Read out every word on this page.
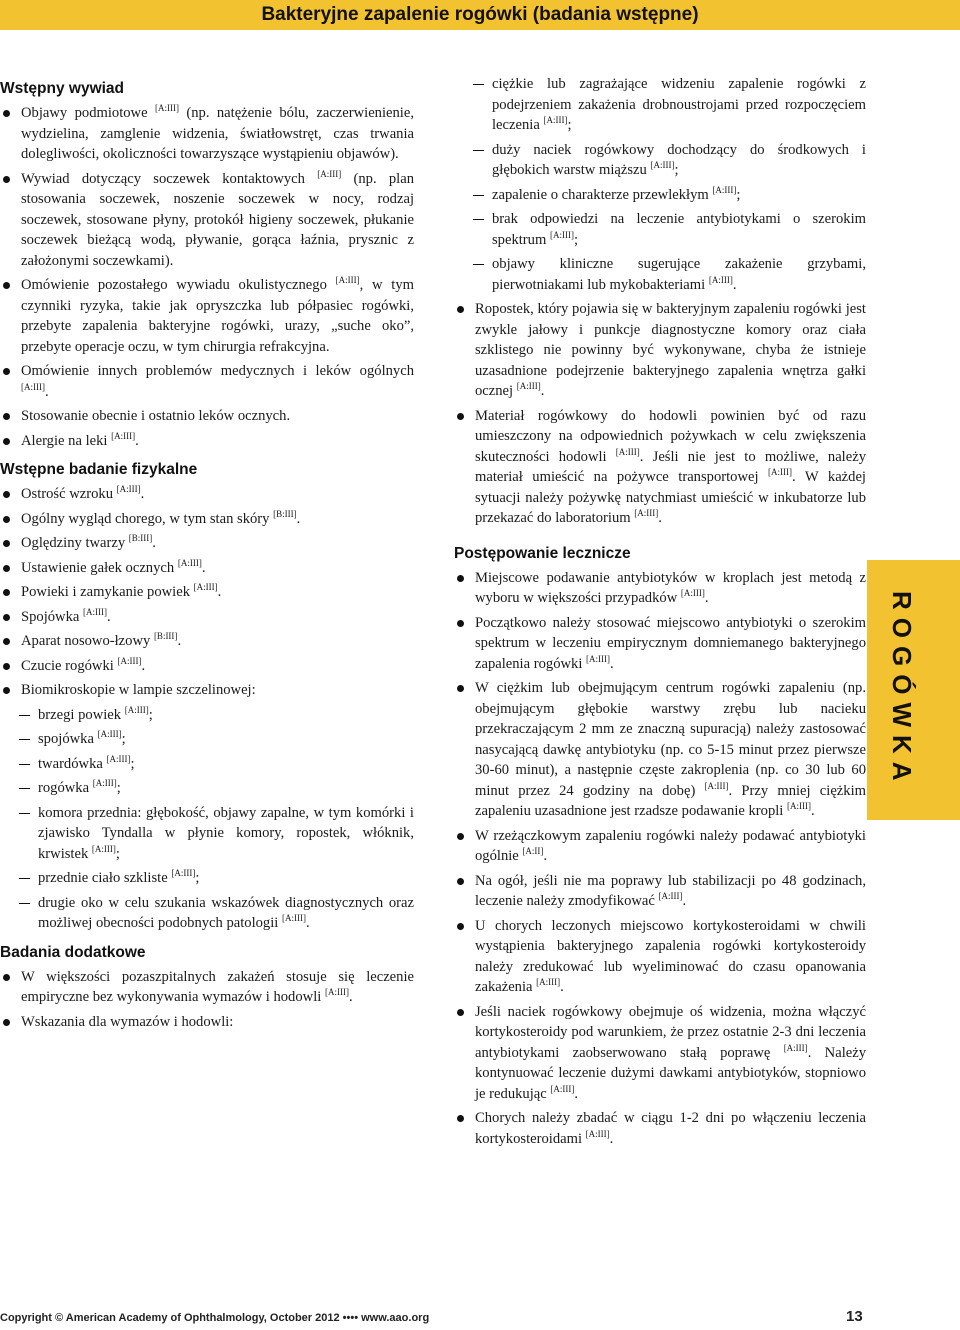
Bakteryjne zapalenie rogówki (badania wstępne)
Wstępny wywiad
Objawy podmiotowe [A:III] (np. natężenie bólu, zaczerwienienie, wydzielina, zamglenie widzenia, światłowstręt, czas trwania dolegliwości, okoliczności towarzyszące wystąpieniu objawów).
Wywiad dotyczący soczewek kontaktowych [A:III] (np. plan stosowania soczewek, noszenie soczewek w nocy, rodzaj soczewek, stosowane płyny, protokół higieny soczewek, płukanie soczewek bieżącą wodą, pływanie, gorąca łaźnia, prysznic z założonymi soczewkami).
Omówienie pozostałego wywiadu okulistycznego [A:III], w tym czynniki ryzyka, takie jak opryszczka lub półpasiec rogówki, przebyte zapalenia bakteryjne rogówki, urazy, „suche oko”, przebyte operacje oczu, w tym chirurgia refrakcyjna.
Omówienie innych problemów medycznych i leków ogólnych [A:III].
Stosowanie obecnie i ostatnio leków ocznych.
Alergie na leki [A:III].
Wstępne badanie fizykalne
Ostrość wzroku [A:III].
Ogólny wygląd chorego, w tym stan skóry [B:III].
Oględziny twarzy [B:III].
Ustawienie gałek ocznych [A:III].
Powieki i zamykanie powiek [A:III].
Spojówka [A:III].
Aparat nosowo-łzowy [B:III].
Czucie rogówki [A:III].
Biomikroskopie w lampie szczelinowej:
brzegi powiek [A:III];
spojówka [A:III];
twardówka [A:III];
rogówka [A:III];
komora przednia: głębokość, objawy zapalne, w tym komórki i zjawisko Tyndalla w płynie komory, ropostek, włóknik, krwistek [A:III];
przednie ciało szkliste [A:III];
drugie oko w celu szukania wskazówek diagnostycznych oraz możliwej obecności podobnych patologii [A:III].
Badania dodatkowe
W większości pozaszpitalnych zakażeń stosuje się leczenie empiryczne bez wykonywania wymazów i hodowli [A:III].
Wskazania dla wymazów i hodowli:
ciężkie lub zagrażające widzeniu zapalenie rogówki z podejrzeniem zakażenia drobnoustrojami przed rozpoczęciem leczenia [A:III];
duży naciek rogówkowy dochodzący do środkowych i głębokich warstw miąższu [A:III];
zapalenie o charakterze przewlekłym [A:III];
brak odpowiedzi na leczenie antybiotykami o szerokim spektrum [A:III];
objawy kliniczne sugerujące zakażenie grzybami, pierwotniakami lub mykobakteriami [A:III].
Ropostek, który pojawia się w bakteryjnym zapaleniu rogówki jest zwykle jałowy i punkcje diagnostyczne komory oraz ciała szklistego nie powinny być wykonywane, chyba że istnieje uzasadnione podejrzenie bakteryjnego zapalenia wnętrza gałki ocznej [A:III].
Materiał rogówkowy do hodowli powinien być od razu umieszczony na odpowiednich pożywkach w celu zwiększenia skuteczności hodowli [A:III]. Jeśli nie jest to możliwe, należy materiał umieścić na pożywce transportowej [A:III]. W każdej sytuacji należy pożywkę natychmiast umieścić w inkubatorze lub przekazać do laboratorium [A:III].
Postępowanie lecznicze
Miejscowe podawanie antybiotyków w kroplach jest metodą z wyboru w większości przypadków [A:III].
Początkowo należy stosować miejscowo antybiotyki o szerokim spektrum w leczeniu empirycznym domniemanego bakteryjnego zapalenia rogówki [A:III].
W ciężkim lub obejmującym centrum rogówki zapaleniu (np. obejmującym głębokie warstwy zrębu lub nacieku przekraczającym 2 mm ze znaczną supuracją) należy zastosować nasycającą dawkę antybiotyku (np. co 5-15 minut przez pierwsze 30-60 minut), a następnie częste zakroplenia (np. co 30 lub 60 minut przez 24 godziny na dobę) [A:III]. Przy mniej ciężkim zapaleniu uzasadnione jest rzadsze podawanie kropli [A:III].
W rzeżączkowym zapaleniu rogówki należy podawać antybiotyki ogólnie [A:II].
Na ogół, jeśli nie ma poprawy lub stabilizacji po 48 godzinach, leczenie należy zmodyfikować [A:III].
U chorych leczonych miejscowo kortykosteroidami w chwili wystąpienia bakteryjnego zapalenia rogówki kortykosteroidy należy zredukować lub wyeliminować do czasu opanowania zakażenia [A:III].
Jeśli naciek rogówkowy obejmuje oś widzenia, można włączyć kortykosteroidy pod warunkiem, że przez ostatnie 2-3 dni leczenia antybiotykami zaobserwowano stałą poprawę [A:III]. Należy kontynuować leczenie dużymi dawkami antybiotyków, stopniowo je redukując [A:III].
Chorych należy zbadać w ciągu 1-2 dni po włączeniu leczenia kortykosteroidami [A:III].
ROGÓWKA
Copyright © American Academy of Ophthalmology, October 2012 •••• www.aao.org	13
